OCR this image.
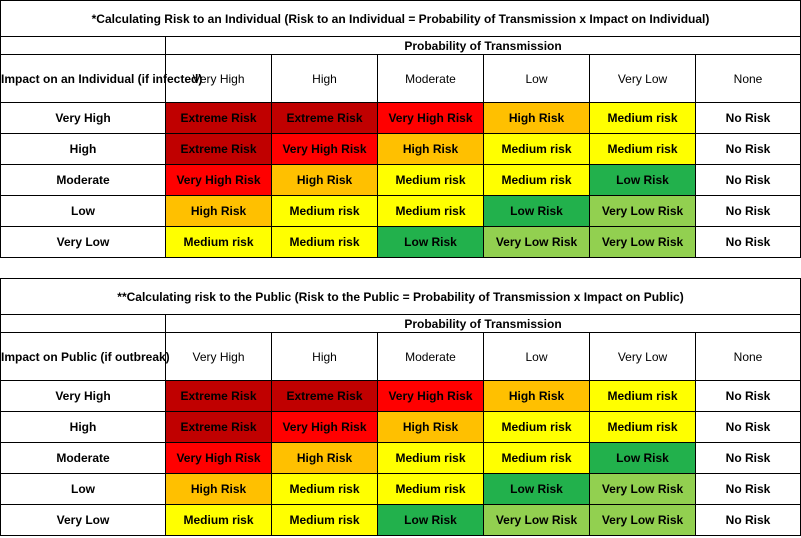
*Calculating Risk to an Individual (Risk to an Individual = Probability of Transmission x Impact on Individual)						
	Probability of Transmission					
Impact on an Individual (if infected)	Very High	High	Moderate	Low	Very Low	None
Very High	Extreme Risk	Extreme Risk	Very High Risk	High Risk	Medium risk	No Risk
High	Extreme Risk	Very High Risk	High Risk	Medium risk	Medium risk	No Risk
Moderate	Very High Risk	High Risk	Medium risk	Medium risk	Low Risk	No Risk
Low	High Risk	Medium risk	Medium risk	Low Risk	Very Low Risk	No Risk
Very Low	Medium risk	Medium risk	Low Risk	Very Low Risk	Very Low Risk	No Risk
**Calculating risk to the Public (Risk to the Public = Probability of Transmission x Impact on Public)						
	Probability of Transmission					
Impact on Public (if outbreak)	Very High	High	Moderate	Low	Very Low	None
Very High	Extreme Risk	Extreme Risk	Very High Risk	High Risk	Medium risk	No Risk
High	Extreme Risk	Very High Risk	High Risk	Medium risk	Medium risk	No Risk
Moderate	Very High Risk	High Risk	Medium risk	Medium risk	Low Risk	No Risk
Low	High Risk	Medium risk	Medium risk	Low Risk	Very Low Risk	No Risk
Very Low	Medium risk	Medium risk	Low Risk	Very Low Risk	Very Low Risk	No Risk
